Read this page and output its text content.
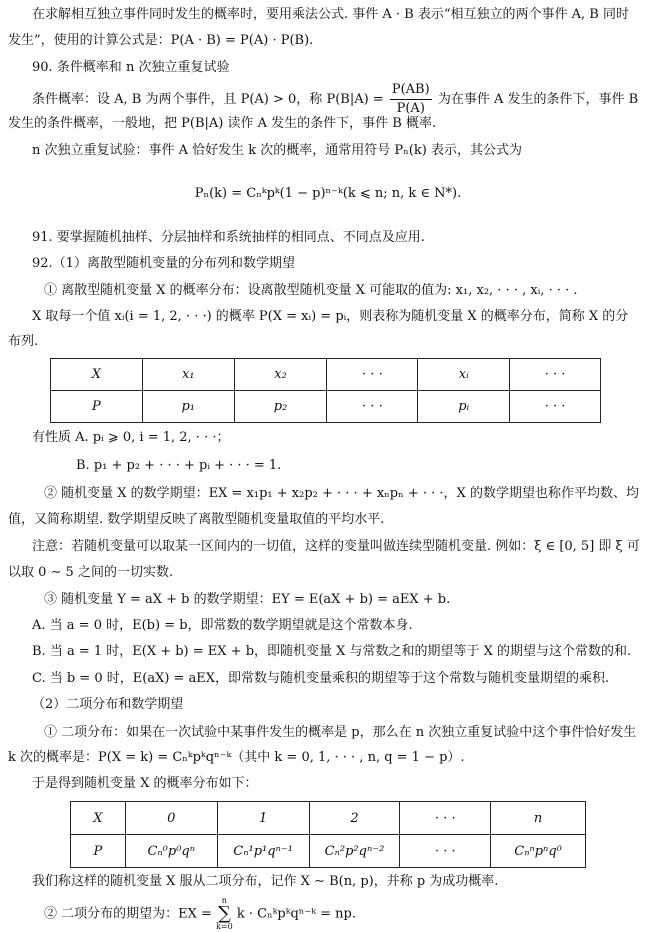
在求解相互独立事件同时发生的概率时，要用乘法公式. 事件 A · B 表示“相互独立的两个事件 A, B 同时
发生”，使用的计算公式是：P(A · B) = P(A) · P(B).
90. 条件概率和 n 次独立重复试验
条件概率：设 A, B 为两个事件，且 P(A) > 0，称 $P(B|A) = \frac{P(AB)}{P(A)}$ 为在事件 A 发生的条件下，事件 B
发生的条件概率，一般地，把 P(B|A) 读作 A 发生的条件下，事件 B 概率.
n 次独立重复试验：事件 A 恰好发生 k 次的概率，通常用符号 Pₙ(k) 表示，其公式为
Pₙ(k) = Cₙᵏpᵏ(1 − p)ⁿ⁻ᵏ(k ⩽ n; n, k ∈ N*).
91. 要掌握随机抽样、分层抽样和系统抽样的相同点、不同点及应用.
92.（1）离散型随机变量的分布列和数学期望
① 离散型随机变量 X 的概率分布：设离散型随机变量 X 可能取的值为: x₁, x₂, · · · , xᵢ, · · · .
X 取每一个值 xᵢ(i = 1, 2, · · ·) 的概率 P(X = xᵢ) = pᵢ，则表称为随机变量 X 的概率分布，简称 X 的分
布列.
X	x₁	x₂	· · ·	xᵢ	· · ·
P	p₁	p₂	· · ·	pᵢ	· · ·
有性质 A. pᵢ ⩾ 0, i = 1, 2, · · ·；
B. p₁ + p₂ + · · · + pᵢ + · · · = 1.
② 随机变量 X 的数学期望：EX = x₁p₁ + x₂p₂ + · · · + xₙpₙ + · · ·，X 的数学期望也称作平均数、均
值，又简称期望. 数学期望反映了离散型随机变量取值的平均水平.
注意：若随机变量可以取某一区间内的一切值，这样的变量叫做连续型随机变量. 例如：ξ ∈ [0, 5] 即 ξ 可
以取 0 ∼ 5 之间的一切实数.
③ 随机变量 Y = aX + b 的数学期望：EY = E(aX + b) = aEX + b.
A. 当 a = 0 时，E(b) = b，即常数的数学期望就是这个常数本身.
B. 当 a = 1 时，E(X + b) = EX + b，即随机变量 X 与常数之和的期望等于 X 的期望与这个常数的和.
C. 当 b = 0 时，E(aX) = aEX，即常数与随机变量乘积的期望等于这个常数与随机变量期望的乘积.
（2）二项分布和数学期望
① 二项分布：如果在一次试验中某事件发生的概率是 p，那么在 n 次独立重复试验中这个事件恰好发生
k 次的概率是：P(X = k) = Cₙᵏpᵏqⁿ⁻ᵏ（其中 k = 0, 1, · · · , n, q = 1 − p）.
于是得到随机变量 X 的概率分布如下：
X	0	1	2	· · ·	n
P	Cₙ⁰p⁰qⁿ	Cₙ¹p¹qⁿ⁻¹	Cₙ²p²qⁿ⁻²	· · ·	Cₙⁿpⁿq⁰
我们称这样的随机变量 X 服从二项分布，记作 X ∼ B(n, p)，并称 p 为成功概率.
② 二项分布的期望为：EX =
n
∑
k=0
k · Cₙᵏpᵏqⁿ⁻ᵏ = np.
